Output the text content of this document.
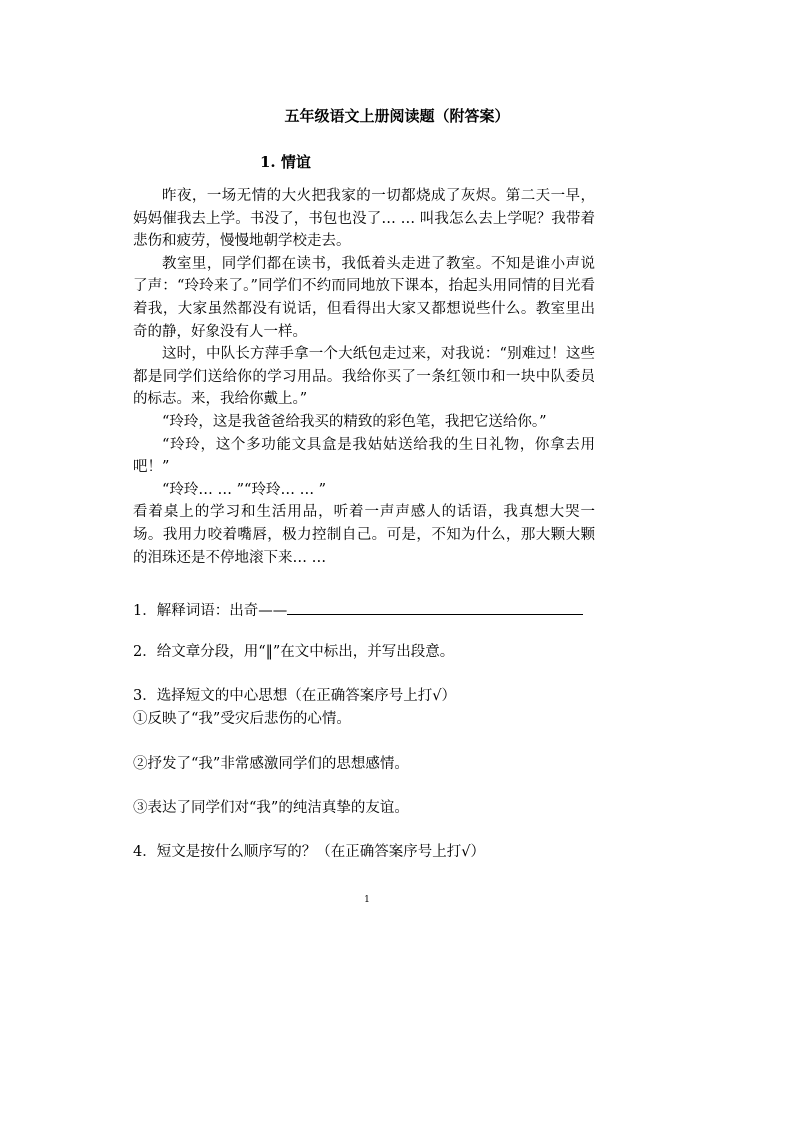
五年级语文上册阅读题（附答案）
1. 情谊

昨夜，一场无情的大火把我家的一切都烧成了灰烬。第二天一早，妈妈催我去上学。书没了，书包也没了… … 叫我怎么去上学呢？我带着悲伤和疲劳，慢慢地朝学校走去。

教室里，同学们都在读书，我低着头走进了教室。不知是谁小声说了声：“玲玲来了。”同学们不约而同地放下课本，抬起头用同情的目光看着我，大家虽然都没有说话，但看得出大家又都想说些什么。教室里出奇的静，好象没有人一样。

这时，中队长方萍手拿一个大纸包走过来，对我说：“别难过！这些都是同学们送给你的学习用品。我给你买了一条红领巾和一块中队委员的标志。来，我给你戴上。”

“玲玲，这是我爸爸给我买的精致的彩色笔，我把它送给你。”

“玲玲，这个多功能文具盒是我姑姑送给我的生日礼物，你拿去用吧！”

“玲玲… … ”“玲玲… … ”

看着桌上的学习和生活用品，听着一声声感人的话语，我真想大哭一场。我用力咬着嘴唇，极力控制自己。可是，不知为什么，那大颗大颗的泪珠还是不停地滚下来… …

1．解释词语：出奇——
2．给文章分段，用“‖”在文中标出，并写出段意。
3．选择短文的中心思想（在正确答案序号上打√）
①反映了“我”受灾后悲伤的心情。
②抒发了“我”非常感激同学们的思想感情。
③表达了同学们对“我”的纯洁真挚的友谊。
4．短文是按什么顺序写的？（在正确答案序号上打√）
1
